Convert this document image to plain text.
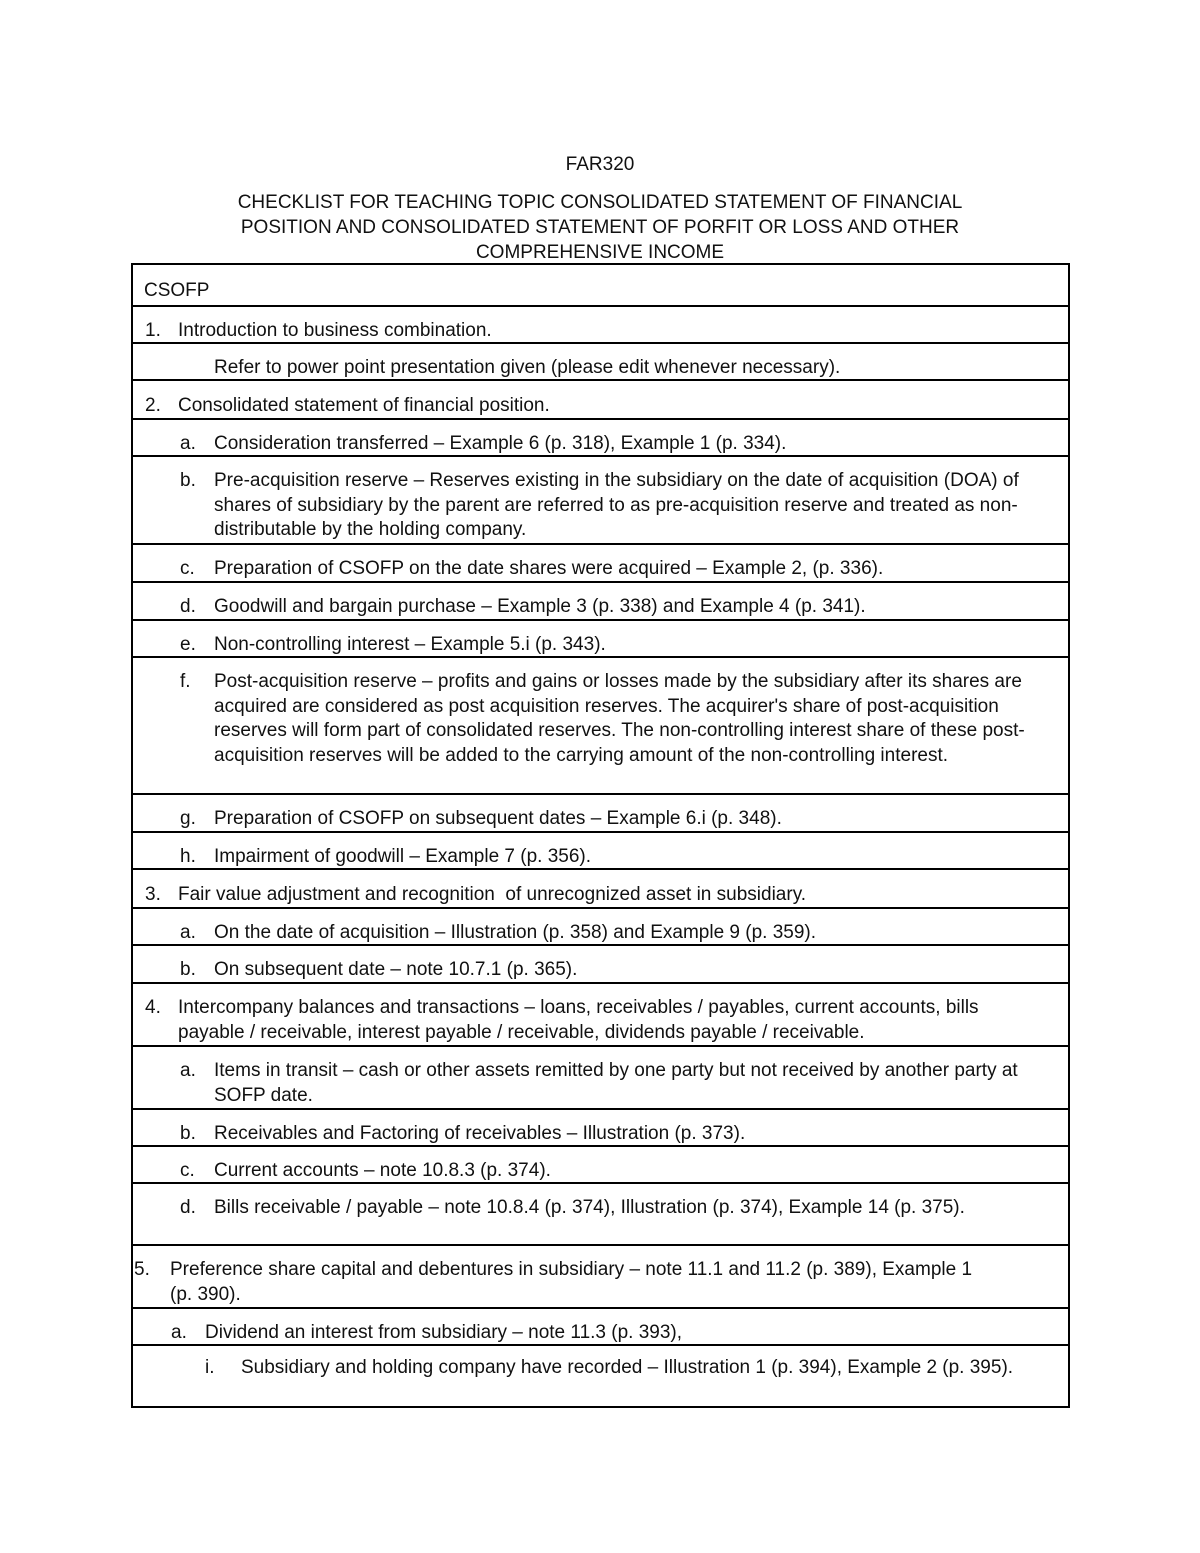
FAR320
CHECKLIST FOR TEACHING TOPIC CONSOLIDATED STATEMENT OF FINANCIAL
POSITION AND CONSOLIDATED STATEMENT OF PORFIT OR LOSS AND OTHER
COMPREHENSIVE INCOME
CSOFP
1. Introduction to business combination.
Refer to power point presentation given (please edit whenever necessary).
2. Consolidated statement of financial position.
a. Consideration transferred – Example 6 (p. 318), Example 1 (p. 334).
b. Pre-acquisition reserve – Reserves existing in the subsidiary on the date of acquisition (DOA) of shares of subsidiary by the parent are referred to as pre-acquisition reserve and treated as non-distributable by the holding company.
c. Preparation of CSOFP on the date shares were acquired – Example 2, (p. 336).
d. Goodwill and bargain purchase – Example 3 (p. 338) and Example 4 (p. 341).
e. Non-controlling interest – Example 5.i (p. 343).
f. Post-acquisition reserve – profits and gains or losses made by the subsidiary after its shares are acquired are considered as post acquisition reserves. The acquirer's share of post-acquisition reserves will form part of consolidated reserves. The non-controlling interest share of these post-acquisition reserves will be added to the carrying amount of the non-controlling interest.
g. Preparation of CSOFP on subsequent dates – Example 6.i (p. 348).
h. Impairment of goodwill – Example 7 (p. 356).
3. Fair value adjustment and recognition  of unrecognized asset in subsidiary.
a. On the date of acquisition – Illustration (p. 358) and Example 9 (p. 359).
b. On subsequent date – note 10.7.1 (p. 365).
4. Intercompany balances and transactions – loans, receivables / payables, current accounts, bills payable / receivable, interest payable / receivable, dividends payable / receivable.
a. Items in transit – cash or other assets remitted by one party but not received by another party at SOFP date.
b. Receivables and Factoring of receivables – Illustration (p. 373).
c. Current accounts – note 10.8.3 (p. 374).
d. Bills receivable / payable – note 10.8.4 (p. 374), Illustration (p. 374), Example 14 (p. 375).
5. Preference share capital and debentures in subsidiary – note 11.1 and 11.2 (p. 389), Example 1 (p. 390).
a. Dividend an interest from subsidiary – note 11.3 (p. 393),
i. Subsidiary and holding company have recorded – Illustration 1 (p. 394), Example 2 (p. 395).
